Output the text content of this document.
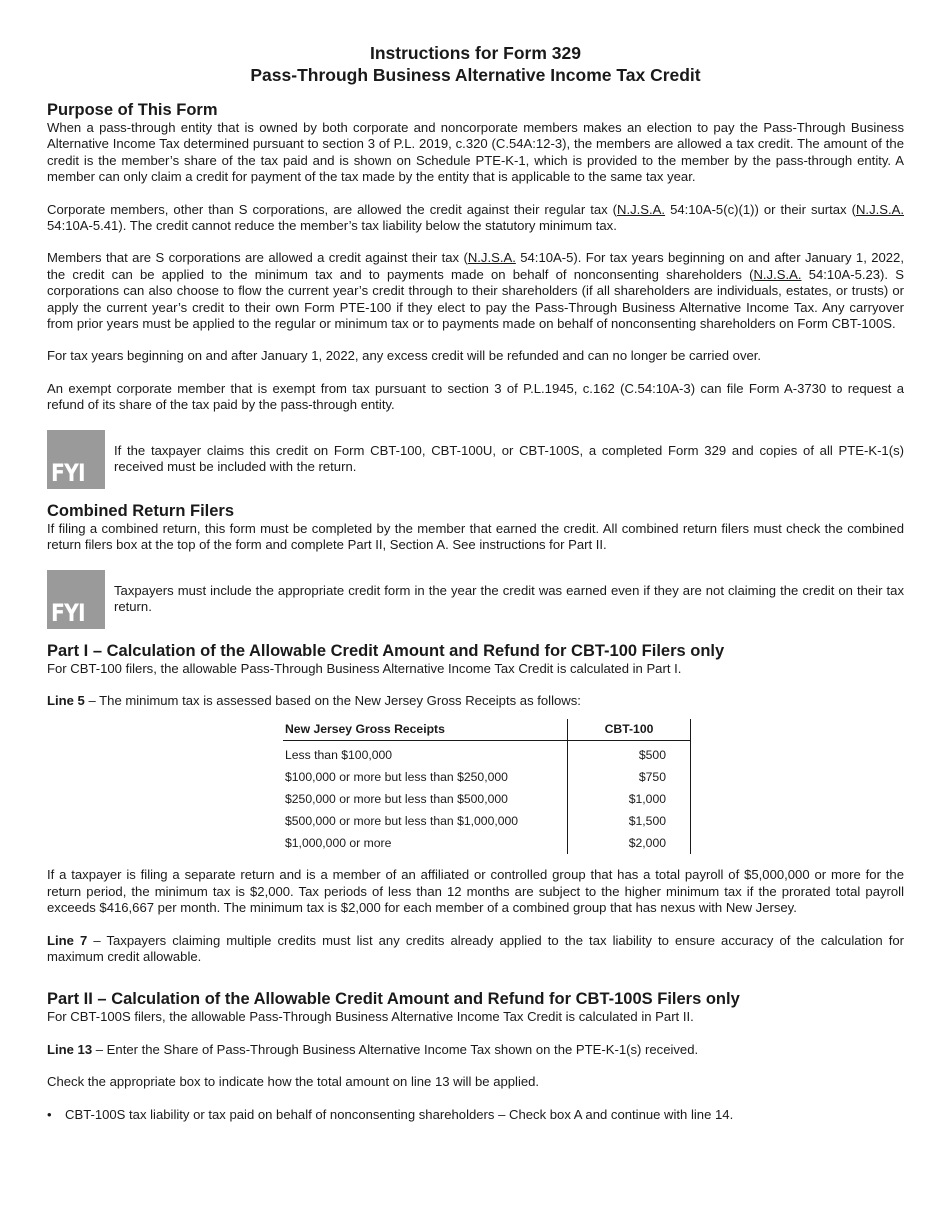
Instructions for Form 329

Pass-Through Business Alternative Income Tax Credit

Purpose of This Form

When a pass-through entity that is owned by both corporate and noncorporate members makes an election to pay the Pass-Through Business Alternative Income Tax determined pursuant to section 3 of P.L. 2019, c.320 (C.54A:12-3), the members are allowed a tax credit. The amount of the credit is the member’s share of the tax paid and is shown on Schedule PTE-K-1, which is provided to the member by the pass-through entity. A member can only claim a credit for payment of the tax made by the entity that is applicable to the same tax year.

Corporate members, other than S corporations, are allowed the credit against their regular tax (N.J.S.A. 54:10A-5(c)(1)) or their surtax (N.J.S.A. 54:10A-5.41). The credit cannot reduce the member’s tax liability below the statutory minimum tax.

Members that are S corporations are allowed a credit against their tax (N.J.S.A. 54:10A-5). For tax years beginning on and after January 1, 2022, the credit can be applied to the minimum tax and to payments made on behalf of nonconsenting shareholders (N.J.S.A. 54:10A-5.23). S corporations can also choose to flow the current year’s credit through to their shareholders (if all shareholders are individuals, estates, or trusts) or apply the current year’s credit to their own Form PTE-100 if they elect to pay the Pass-Through Business Alternative Income Tax. Any carryover from prior years must be applied to the regular or minimum tax or to payments made on behalf of nonconsenting shareholders on Form CBT-100S.

For tax years beginning on and after January 1, 2022, any excess credit will be refunded and can no longer be carried over.

An exempt corporate member that is exempt from tax pursuant to section 3 of P.L.1945, c.162 (C.54:10A-3) can file Form A-3730 to request a refund of its share of the tax paid by the pass-through entity.

FYI

If the taxpayer claims this credit on Form CBT-100, CBT-100U, or CBT-100S, a completed Form 329 and copies of all PTE-K-1(s) received must be included with the return.

Combined Return Filers

If filing a combined return, this form must be completed by the member that earned the credit. All combined return filers must check the combined return filers box at the top of the form and complete Part II, Section A. See instructions for Part II.

FYI

Taxpayers must include the appropriate credit form in the year the credit was earned even if they are not claiming the credit on their tax return.

Part I – Calculation of the Allowable Credit Amount and Refund for CBT-100 Filers only

For CBT-100 filers, the allowable Pass-Through Business Alternative Income Tax Credit is calculated in Part I.

Line 5 – The minimum tax is assessed based on the New Jersey Gross Receipts as follows:

New Jersey Gross Receipts	CBT-100
Less than $100,000	$500
$100,000 or more but less than $250,000	$750
$250,000 or more but less than $500,000	$1,000
$500,000 or more but less than $1,000,000	$1,500
$1,000,000 or more	$2,000

If a taxpayer is filing a separate return and is a member of an affiliated or controlled group that has a total payroll of $5,000,000 or more for the return period, the minimum tax is $2,000. Tax periods of less than 12 months are subject to the higher minimum tax if the prorated total payroll exceeds $416,667 per month. The minimum tax is $2,000 for each member of a combined group that has nexus with New Jersey.

Line 7 – Taxpayers claiming multiple credits must list any credits already applied to the tax liability to ensure accuracy of the calculation for maximum credit allowable.

Part II – Calculation of the Allowable Credit Amount and Refund for CBT-100S Filers only

For CBT-100S filers, the allowable Pass-Through Business Alternative Income Tax Credit is calculated in Part II.

Line 13 – Enter the Share of Pass-Through Business Alternative Income Tax shown on the PTE-K-1(s) received.

Check the appropriate box to indicate how the total amount on line 13 will be applied.

•	CBT-100S tax liability or tax paid on behalf of nonconsenting shareholders – Check box A and continue with line 14.
